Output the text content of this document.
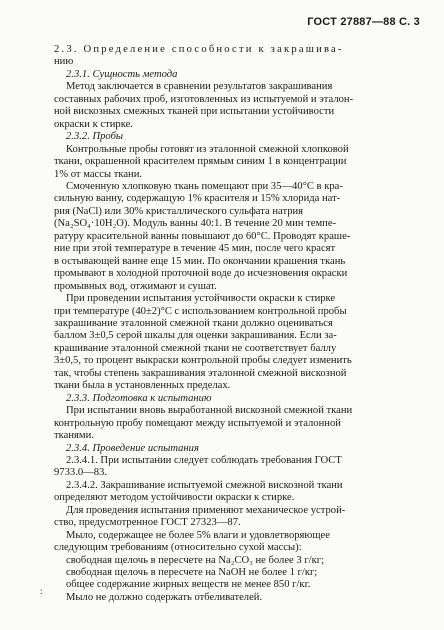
ГОСТ 27887—88 С. 3
2.3. Определение способности к закрашива-
нию
2.3.1. Сущность метода
Метод заключается в сравнении результатов закрашивания
составных рабочих проб, изготовленных из испытуемой и эталон-
ной вискозных смежных тканей при испытании устойчивости
окраски к стирке.
2.3.2. Пробы
Контрольные пробы готовят из эталонной смежной хлопковой
ткани, окрашенной красителем прямым синим 1 в концентрации
1% от массы ткани.
Смоченную хлопковую ткань помещают при 35—40°С в кра-
сильную ванну, содержащую 1% красителя и 15% хлорида нат-
рия (NaCl) или 30% кристаллического сульфата натрия
(Na₂SO₄·10H₂O). Модуль ванны 40:1. В течение 20 мин темпе-
ратуру красительной ванны повышают до 60°С. Проводят крашe-
ние при этой температуре в течение 45 мин, после чего красят
в остывающей ванне еще 15 мин. По окончании крашения ткань
промывают в холодной проточной воде до исчезновения окраски
промывных вод, отжимают и сушат.
При проведении испытания устойчивости окраски к стирке
при температуре (40±2)°С с использованием контрольной пробы
закрашивание эталонной смежной ткани должно оцениваться
баллом 3±0,5 серой шкалы для оценки закрашивания. Если за-
крашивание эталонной смежной ткани не соответствует баллу
3±0,5, то процент выкраски контрольной пробы следует изменить
так, чтобы степень закрашивания эталонной смежной вискозной
ткани была в установленных пределах.
2.3.3. Подготовка к испытанию
При испытании вновь выработанной вискозной смежной ткани
контрольную пробу помещают между испытуемой и эталонной
тканями.
2.3.4. Проведение испытания
2.3.4.1. При испытании следует соблюдать требования ГОСТ
9733.0—83.
2.3.4.2. Закрашивание испытуемой смежной вискозной ткани
определяют методом устойчивости окраски к стирке.
Для проведения испытания применяют механическое устрой-
ство, предусмотренное ГОСТ 27323—87.
Мыло, содержащее не более 5% влаги и удовлетворяющее
следующим требованиям (относительно сухой массы):
свободная щелочь в пересчете на Na₂CO₃ не более 3 г/кг;
свободная щелочь в пересчете на NaOH не более 1 г/кг;
общее содержание жирных веществ не менее 850 г/кг.
Мыло не должно содержать отбеливателей.
:
